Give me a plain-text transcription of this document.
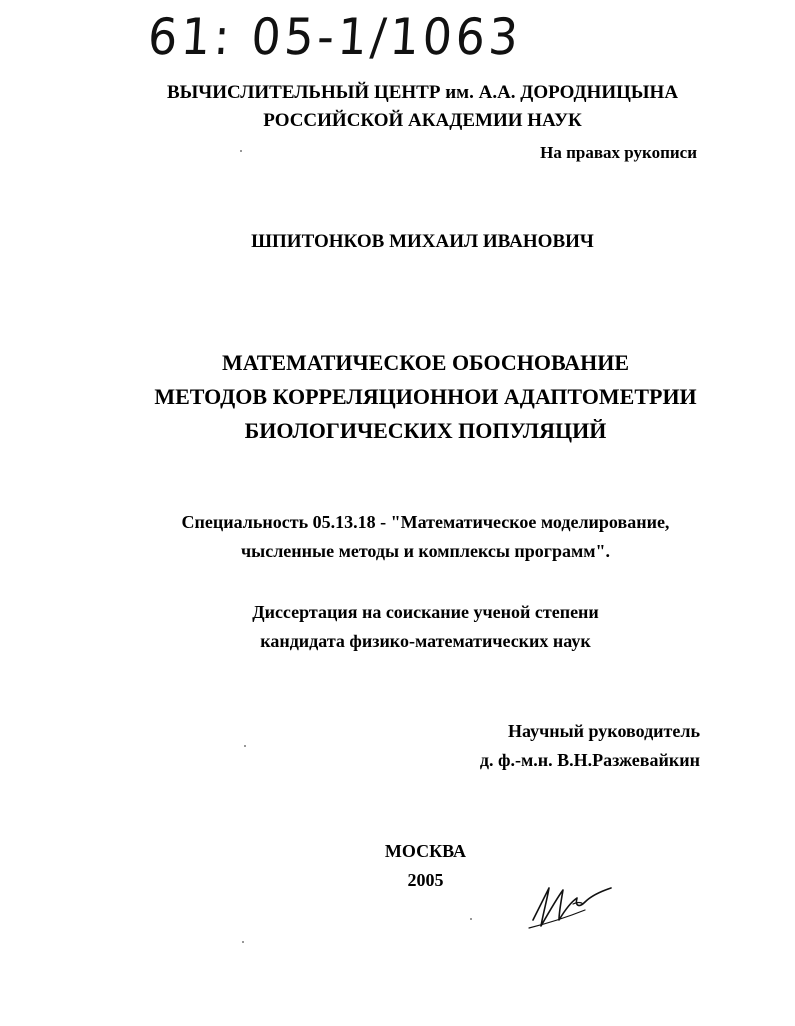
61: 05-1/1063
ВЫЧИСЛИТЕЛЬНЫЙ ЦЕНТР им. А.А. ДОРОДНИЦЫНА
РОССИЙСКОЙ АКАДЕМИИ НАУК
На правах рукописи
ШПИТОНКОВ МИХАИЛ ИВАНОВИЧ
МАТЕМАТИЧЕСКОЕ ОБОСНОВАНИЕ
МЕТОДОВ КОРРЕЛЯЦИОННОИ АДАПТОМЕТРИИ
БИОЛОГИЧЕСКИХ ПОПУЛЯЦИЙ
Специальность 05.13.18 - "Математическое моделирование,
чысленные методы и комплексы программ".
Диссертация на соискание ученой степени
кандидата физико-математических наук
Научный руководитель
д. ф.-м.н. В.Н.Разжевайкин
МОСКВА
2005
